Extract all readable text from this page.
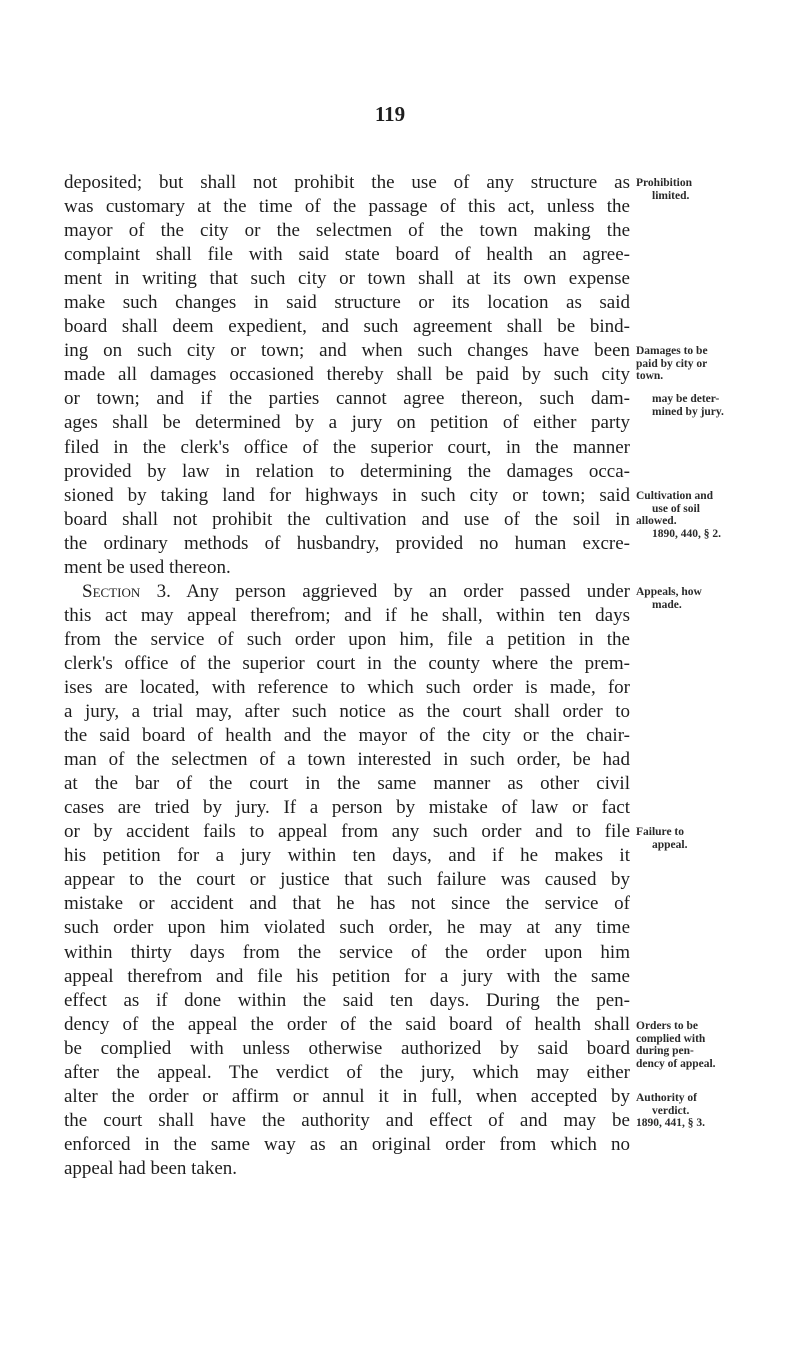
119
deposited; but shall not prohibit the use of any structure as
was customary at the time of the passage of this act, unless the
mayor of the city or the selectmen of the town making the
complaint shall file with said state board of health an agree-
ment in writing that such city or town shall at its own expense
make such changes in said structure or its location as said
board shall deem expedient, and such agreement shall be bind-
ing on such city or town; and when such changes have been
made all damages occasioned thereby shall be paid by such city
or town; and if the parties cannot agree thereon, such dam-
ages shall be determined by a jury on petition of either party
filed in the clerk's office of the superior court, in the manner
provided by law in relation to determining the damages occa-
sioned by taking land for highways in such city or town; said
board shall not prohibit the cultivation and use of the soil in
the ordinary methods of husbandry, provided no human excre-
ment be used thereon.
Section 3. Any person aggrieved by an order passed under
this act may appeal therefrom; and if he shall, within ten days
from the service of such order upon him, file a petition in the
clerk's office of the superior court in the county where the prem-
ises are located, with reference to which such order is made, for
a jury, a trial may, after such notice as the court shall order to
the said board of health and the mayor of the city or the chair-
man of the selectmen of a town interested in such order, be had
at the bar of the court in the same manner as other civil
cases are tried by jury. If a person by mistake of law or fact
or by accident fails to appeal from any such order and to file
his petition for a jury within ten days, and if he makes it
appear to the court or justice that such failure was caused by
mistake or accident and that he has not since the service of
such order upon him violated such order, he may at any time
within thirty days from the service of the order upon him
appeal therefrom and file his petition for a jury with the same
effect as if done within the said ten days. During the pen-
dency of the appeal the order of the said board of health shall
be complied with unless otherwise authorized by said board
after the appeal. The verdict of the jury, which may either
alter the order or affirm or annul it in full, when accepted by
the court shall have the authority and effect of and may be
enforced in the same way as an original order from which no
appeal had been taken.
Prohibition
limited.
Damages to be
paid by city or
town.
may be deter-
mined by jury.
Cultivation and
use of soil
allowed.
1890, 440, § 2.
Appeals, how
made.
Failure to
appeal.
Orders to be
complied with
during pen-
dency of appeal.
Authority of
verdict.
1890, 441, § 3.
